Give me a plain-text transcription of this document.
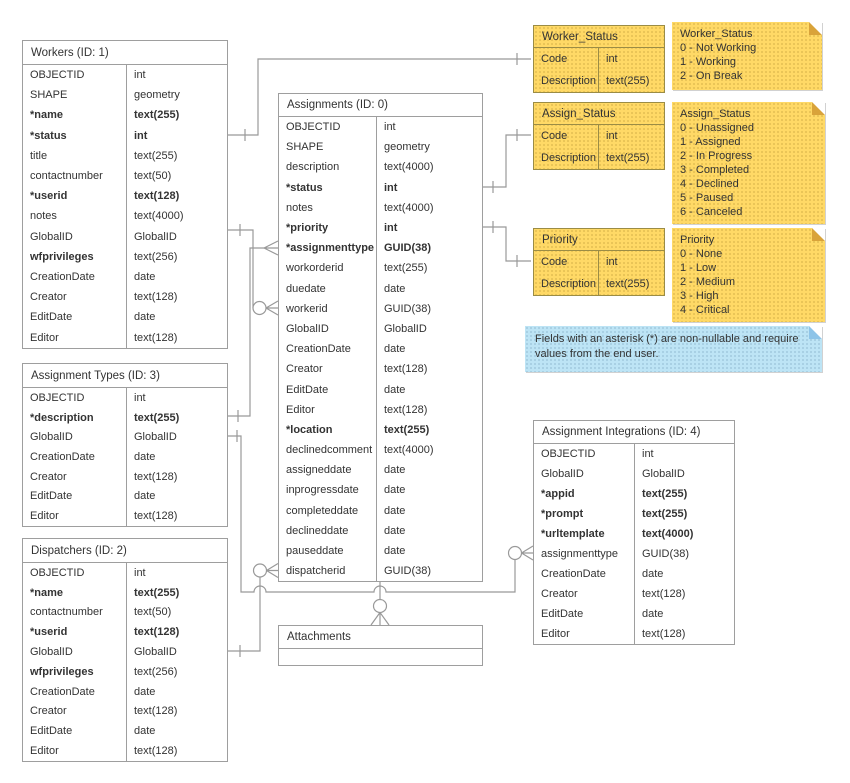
Workers (ID: 1)
OBJECTID	int
SHAPE	geometry
*name	text(255)
*status	int
title	text(255)
contactnumber	text(50)
*userid	text(128)
notes	text(4000)
GlobalID	GlobalID
wfprivileges	text(256)
CreationDate	date
Creator	text(128)
EditDate	date
Editor	text(128)
Assignment Types (ID: 3)
OBJECTID	int
*description	text(255)
GlobalID	GlobalID
CreationDate	date
Creator	text(128)
EditDate	date
Editor	text(128)
Dispatchers (ID: 2)
OBJECTID	int
*name	text(255)
contactnumber	text(50)
*userid	text(128)
GlobalID	GlobalID
wfprivileges	text(256)
CreationDate	date
Creator	text(128)
EditDate	date
Editor	text(128)
Assignments (ID: 0)
OBJECTID	int
SHAPE	geometry
description	text(4000)
*status	int
notes	text(4000)
*priority	int
*assignmenttype GUID(38)
workorderid	text(255)
duedate	date
workerid	GUID(38)
GlobalID	GlobalID
CreationDate	date
Creator	text(128)
EditDate	date
Editor	text(128)
*location	text(255)
declinedcomment	text(4000)
assigneddate	date
inprogressdate	date
completeddate	date
declineddate	date
pauseddate	date
dispatcherid	GUID(38)
Attachments
Assignment Integrations (ID: 4)
OBJECTID	int
GlobalID	GlobalID
*appid	text(255)
*prompt	text(255)
*urltemplate	text(4000)
assignmenttype	GUID(38)
CreationDate	date
Creator	text(128)
EditDate	date
Editor	text(128)
Worker_Status
Code	int
Description text(255)
Assign_Status
Code	int
Description text(255)
Priority
Code	int
Description text(255)
Worker_Status
0 - Not Working
1 - Working
2 - On Break
Assign_Status
0 - Unassigned
1 - Assigned
2 - In Progress
3 - Completed
4 - Declined
5 - Paused
6 - Canceled
Priority
0 - None
1 - Low
2 - Medium
3 - High
4 - Critical
Fields with an asterisk (*) are non-nullable and require values from the end user.
